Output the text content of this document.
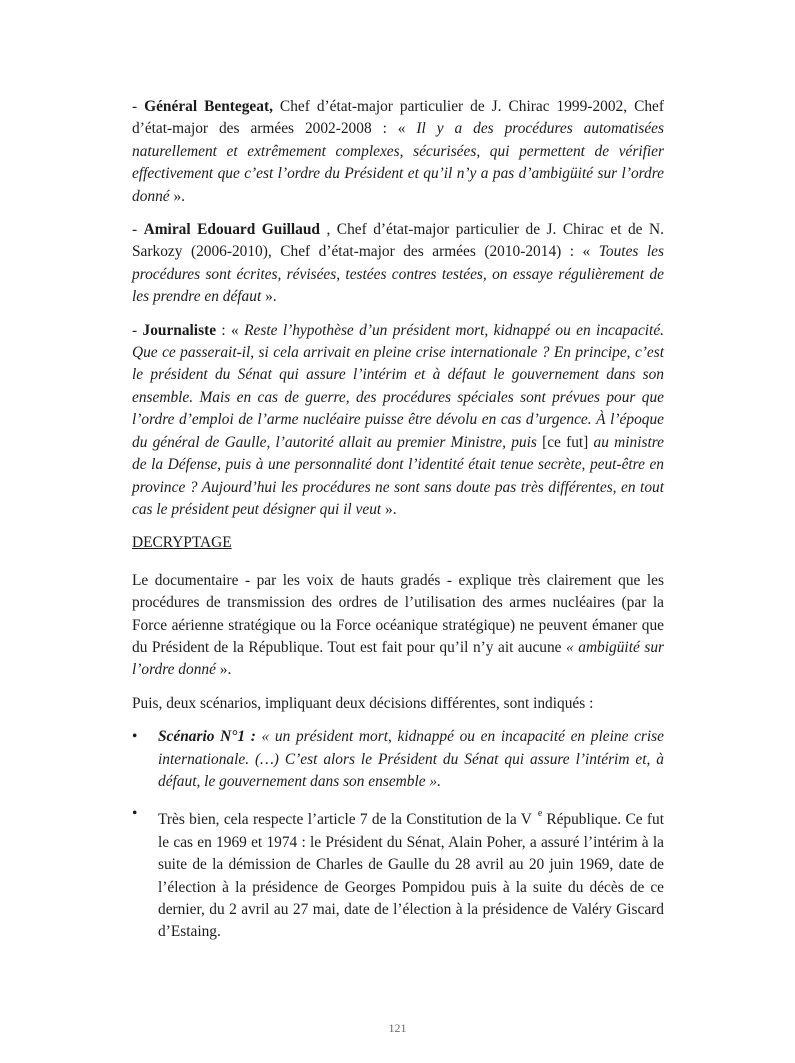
- Général Bentegeat, Chef d’état-major particulier de J. Chirac 1999-2002, Chef d’état-major des armées 2002-2008 : « Il y a des procédures automatisées naturellement et extrêmement complexes, sécurisées, qui permettent de vérifier effectivement que c’est l’ordre du Président et qu’il n’y a pas d’ambigüité sur l’ordre donné ».

- Amiral Edouard Guillaud , Chef d’état-major particulier de J. Chirac et de N. Sarkozy (2006-2010), Chef d’état-major des armées (2010-2014) : « Toutes les procédures sont écrites, révisées, testées contres testées, on essaye régulièrement de les prendre en défaut ».

- Journaliste : « Reste l’hypothèse d’un président mort, kidnappé ou en incapacité. Que ce passerait-il, si cela arrivait en pleine crise internationale ? En principe, c’est le président du Sénat qui assure l’intérim et à défaut le gouvernement dans son ensemble. Mais en cas de guerre, des procédures spéciales sont prévues pour que l’ordre d’emploi de l’arme nucléaire puisse être dévolu en cas d’urgence. À l’époque du général de Gaulle, l’autorité allait au premier Ministre, puis [ce fut] au ministre de la Défense, puis à une personnalité dont l’identité était tenue secrète, peut-être en province ? Aujourd’hui les procédures ne sont sans doute pas très différentes, en tout cas le président peut désigner qui il veut ».

DECRYPTAGE

Le documentaire - par les voix de hauts gradés - explique très clairement que les procédures de transmission des ordres de l’utilisation des armes nucléaires (par la Force aérienne stratégique ou la Force océanique stratégique) ne peuvent émaner que du Président de la République. Tout est fait pour qu’il n’y ait aucune « ambigüité sur l’ordre donné ».

Puis, deux scénarios, impliquant deux décisions différentes, sont indiqués :

• Scénario N°1 : « un président mort, kidnappé ou en incapacité en pleine crise internationale. (…) C’est alors le Président du Sénat qui assure l’intérim et, à défaut, le gouvernement dans son ensemble ».
• Très bien, cela respecte l’article 7 de la Constitution de la V $^e$ République. Ce fut le cas en 1969 et 1974 : le Président du Sénat, Alain Poher, a assuré l’intérim à la suite de la démission de Charles de Gaulle du 28 avril au 20 juin 1969, date de l’élection à la présidence de Georges Pompidou puis à la suite du décès de ce dernier, du 2 avril au 27 mai, date de l’élection à la présidence de Valéry Giscard d’Estaing.
121
